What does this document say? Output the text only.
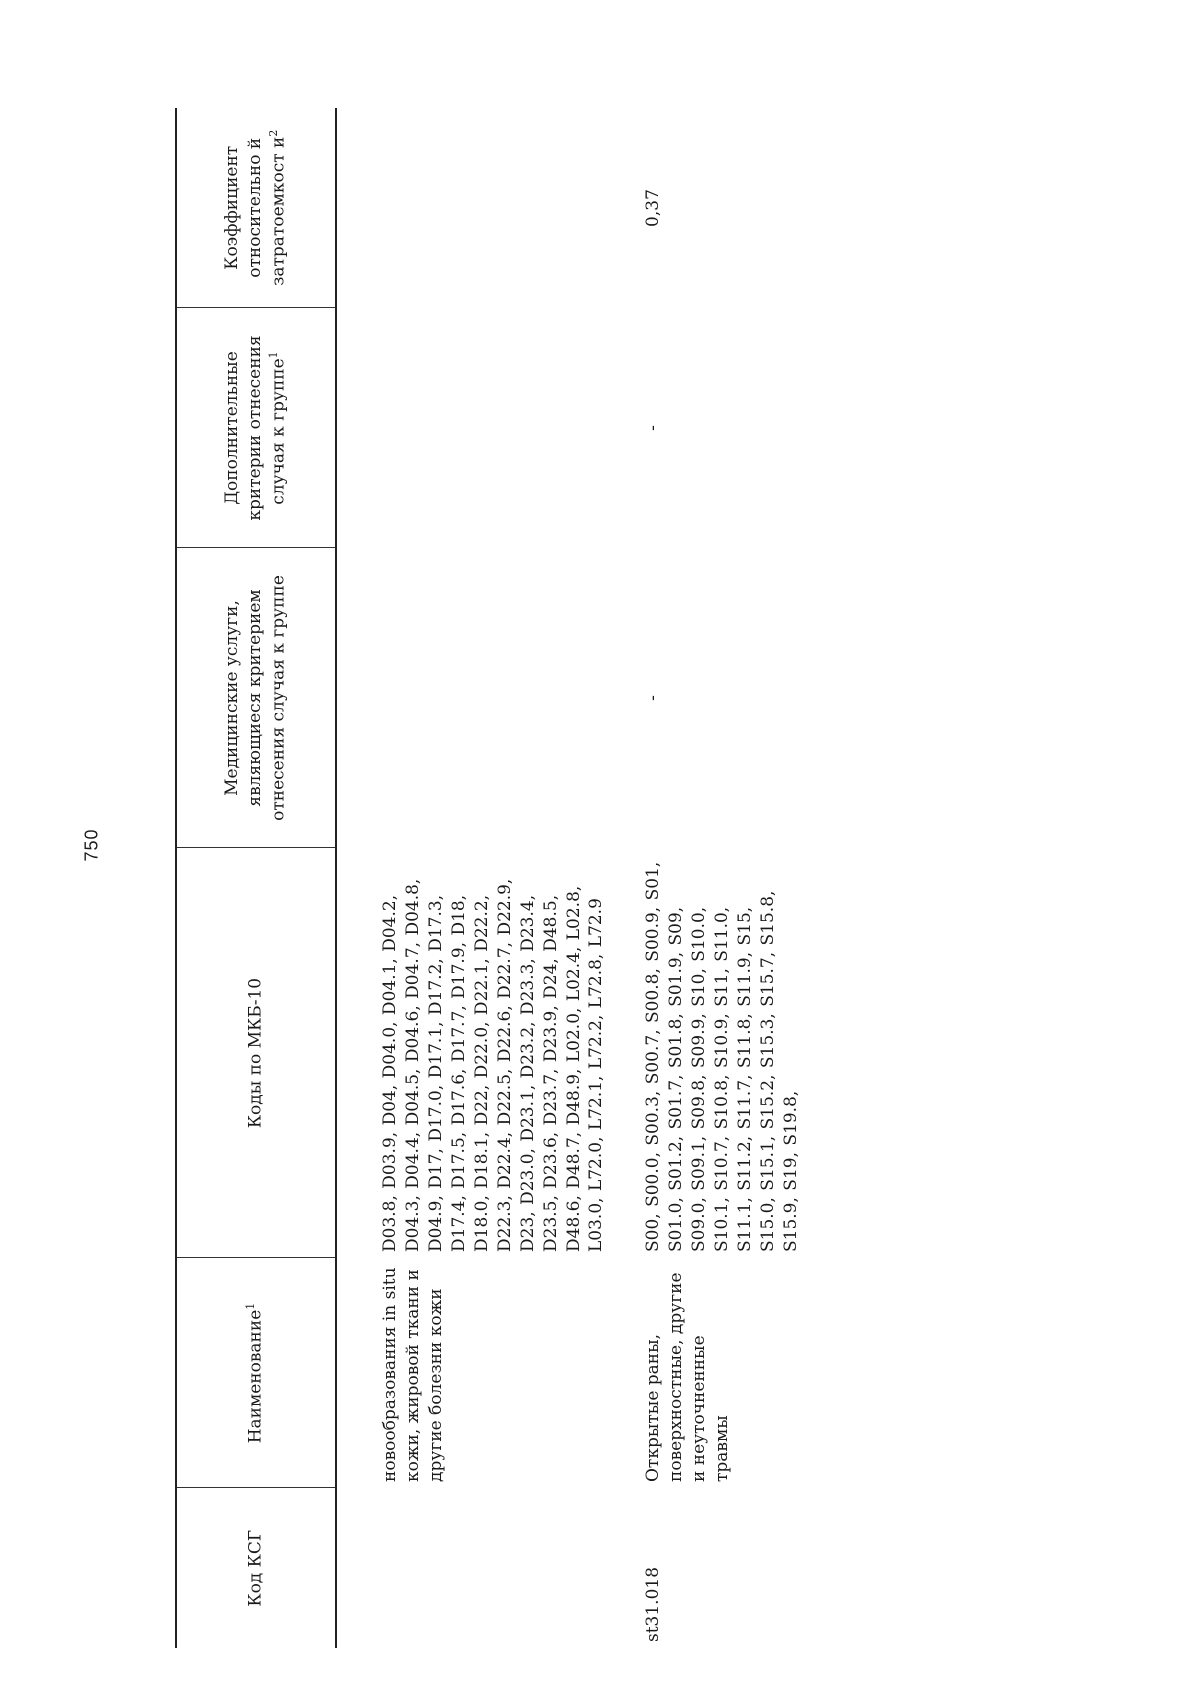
750
Код КСГ	Наименование$^1$	Коды по МКБ-10	Медицинские услуги, являющиеся критерием отнесения случая к группе	Дополнительные критерии отнесения случая к группе$^1$	Коэффициент относительно й затратоемкост $и^2$
	новообразования in situ кожи, жировой ткани и другие болезни кожи	D03.8, D03.9, D04, D04.0, D04.1, D04.2, D04.3, D04.4, D04.5, D04.6, D04.7, D04.8, D04.9, D17, D17.0, D17.1, D17.2, D17.3, D17.4, D17.5, D17.6, D17.7, D17.9, D18, D18.0, D18.1, D22, D22.0, D22.1, D22.2, D22.3, D22.4, D22.5, D22.6, D22.7, D22.9, D23, D23.0, D23.1, D23.2, D23.3, D23.4, D23.5, D23.6, D23.7, D23.9, D24, D48.5, D48.6, D48.7, D48.9, L02.0, L02.4, L02.8, L03.0, L72.0, L72.1, L72.2, L72.8, L72.9			
st31.018	Открытые раны, поверхностные, другие и неуточненные травмы	S00, S00.0, S00.3, S00.7, S00.8, S00.9, S01, S01.0, S01.2, S01.7, S01.8, S01.9, S09, S09.0, S09.1, S09.8, S09.9, S10, S10.0, S10.1, S10.7, S10.8, S10.9, S11, S11.0, S11.1, S11.2, S11.7, S11.8, S11.9, S15, S15.0, S15.1, S15.2, S15.3, S15.7, S15.8, S15.9, S19, S19.8,	-	-	0,37
